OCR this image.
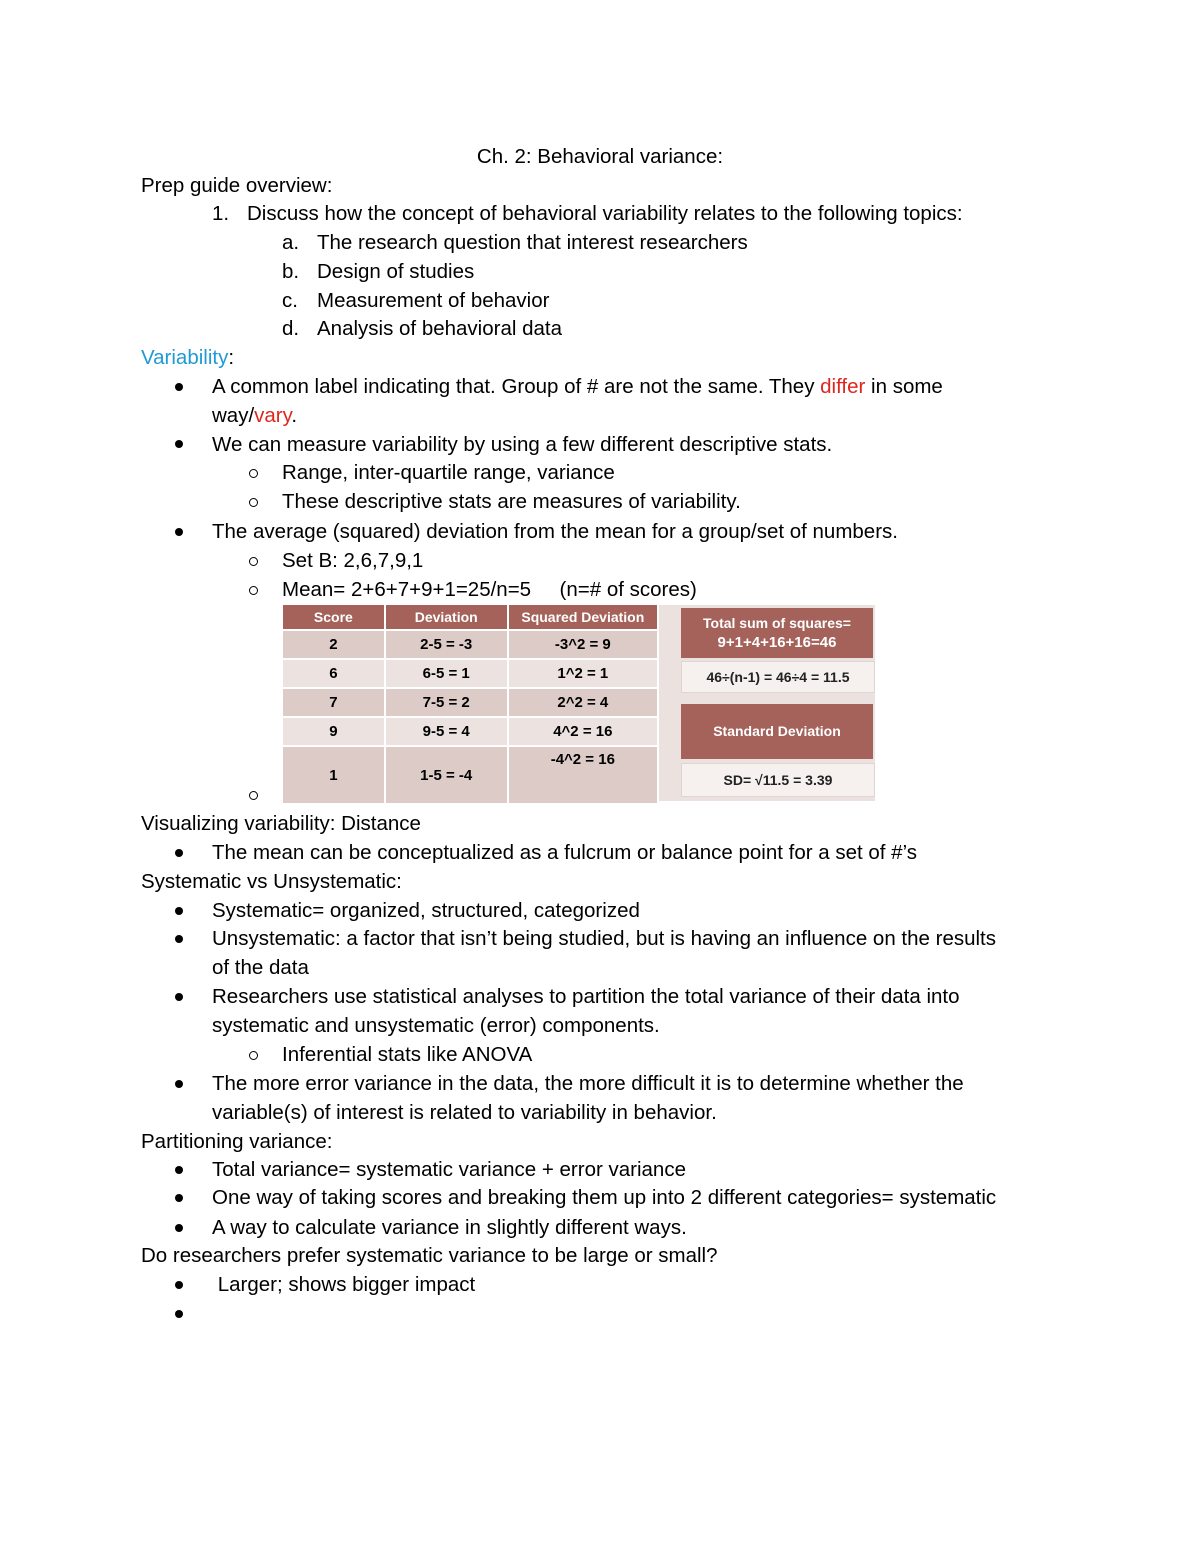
Ch. 2: Behavioral variance:
Prep guide overview:
1. Discuss how the concept of behavioral variability relates to the following topics:
a. The research question that interest researchers
b. Design of studies
c. Measurement of behavior
d. Analysis of behavioral data
Variability:
A common label indicating that. Group of # are not the same. They differ in some
way/vary.
We can measure variability by using a few different descriptive stats.
Range, inter-quartile range, variance
These descriptive stats are measures of variability.
The average (squared) deviation from the mean for a group/set of numbers.
Set B: 2,6,7,9,1
Mean= 2+6+7+9+1=25/n=5     (n=# of scores)
Score	Deviation	Squared Deviation
2	2-5 = -3	-3^2 = 9
6	6-5 = 1	1^2 = 1
7	7-5 = 2	2^2 = 4
9	9-5 = 4	4^2 = 16
1	1-5 = -4	-4^2 = 16
Total sum of squares=
9+1+4+16+16=46
46÷(n-1) = 46÷4 = 11.5
Standard Deviation
SD= √11.5 = 3.39
Visualizing variability: Distance
The mean can be conceptualized as a fulcrum or balance point for a set of #’s
Systematic vs Unsystematic:
Systematic= organized, structured, categorized
Unsystematic: a factor that isn’t being studied, but is having an influence on the results
of the data
Researchers use statistical analyses to partition the total variance of their data into
systematic and unsystematic (error) components.
Inferential stats like ANOVA
The more error variance in the data, the more difficult it is to determine whether the
variable(s) of interest is related to variability in behavior.
Partitioning variance:
Total variance= systematic variance + error variance
One way of taking scores and breaking them up into 2 different categories= systematic
A way to calculate variance in slightly different ways.
Do researchers prefer systematic variance to be large or small?
Larger; shows bigger impact
